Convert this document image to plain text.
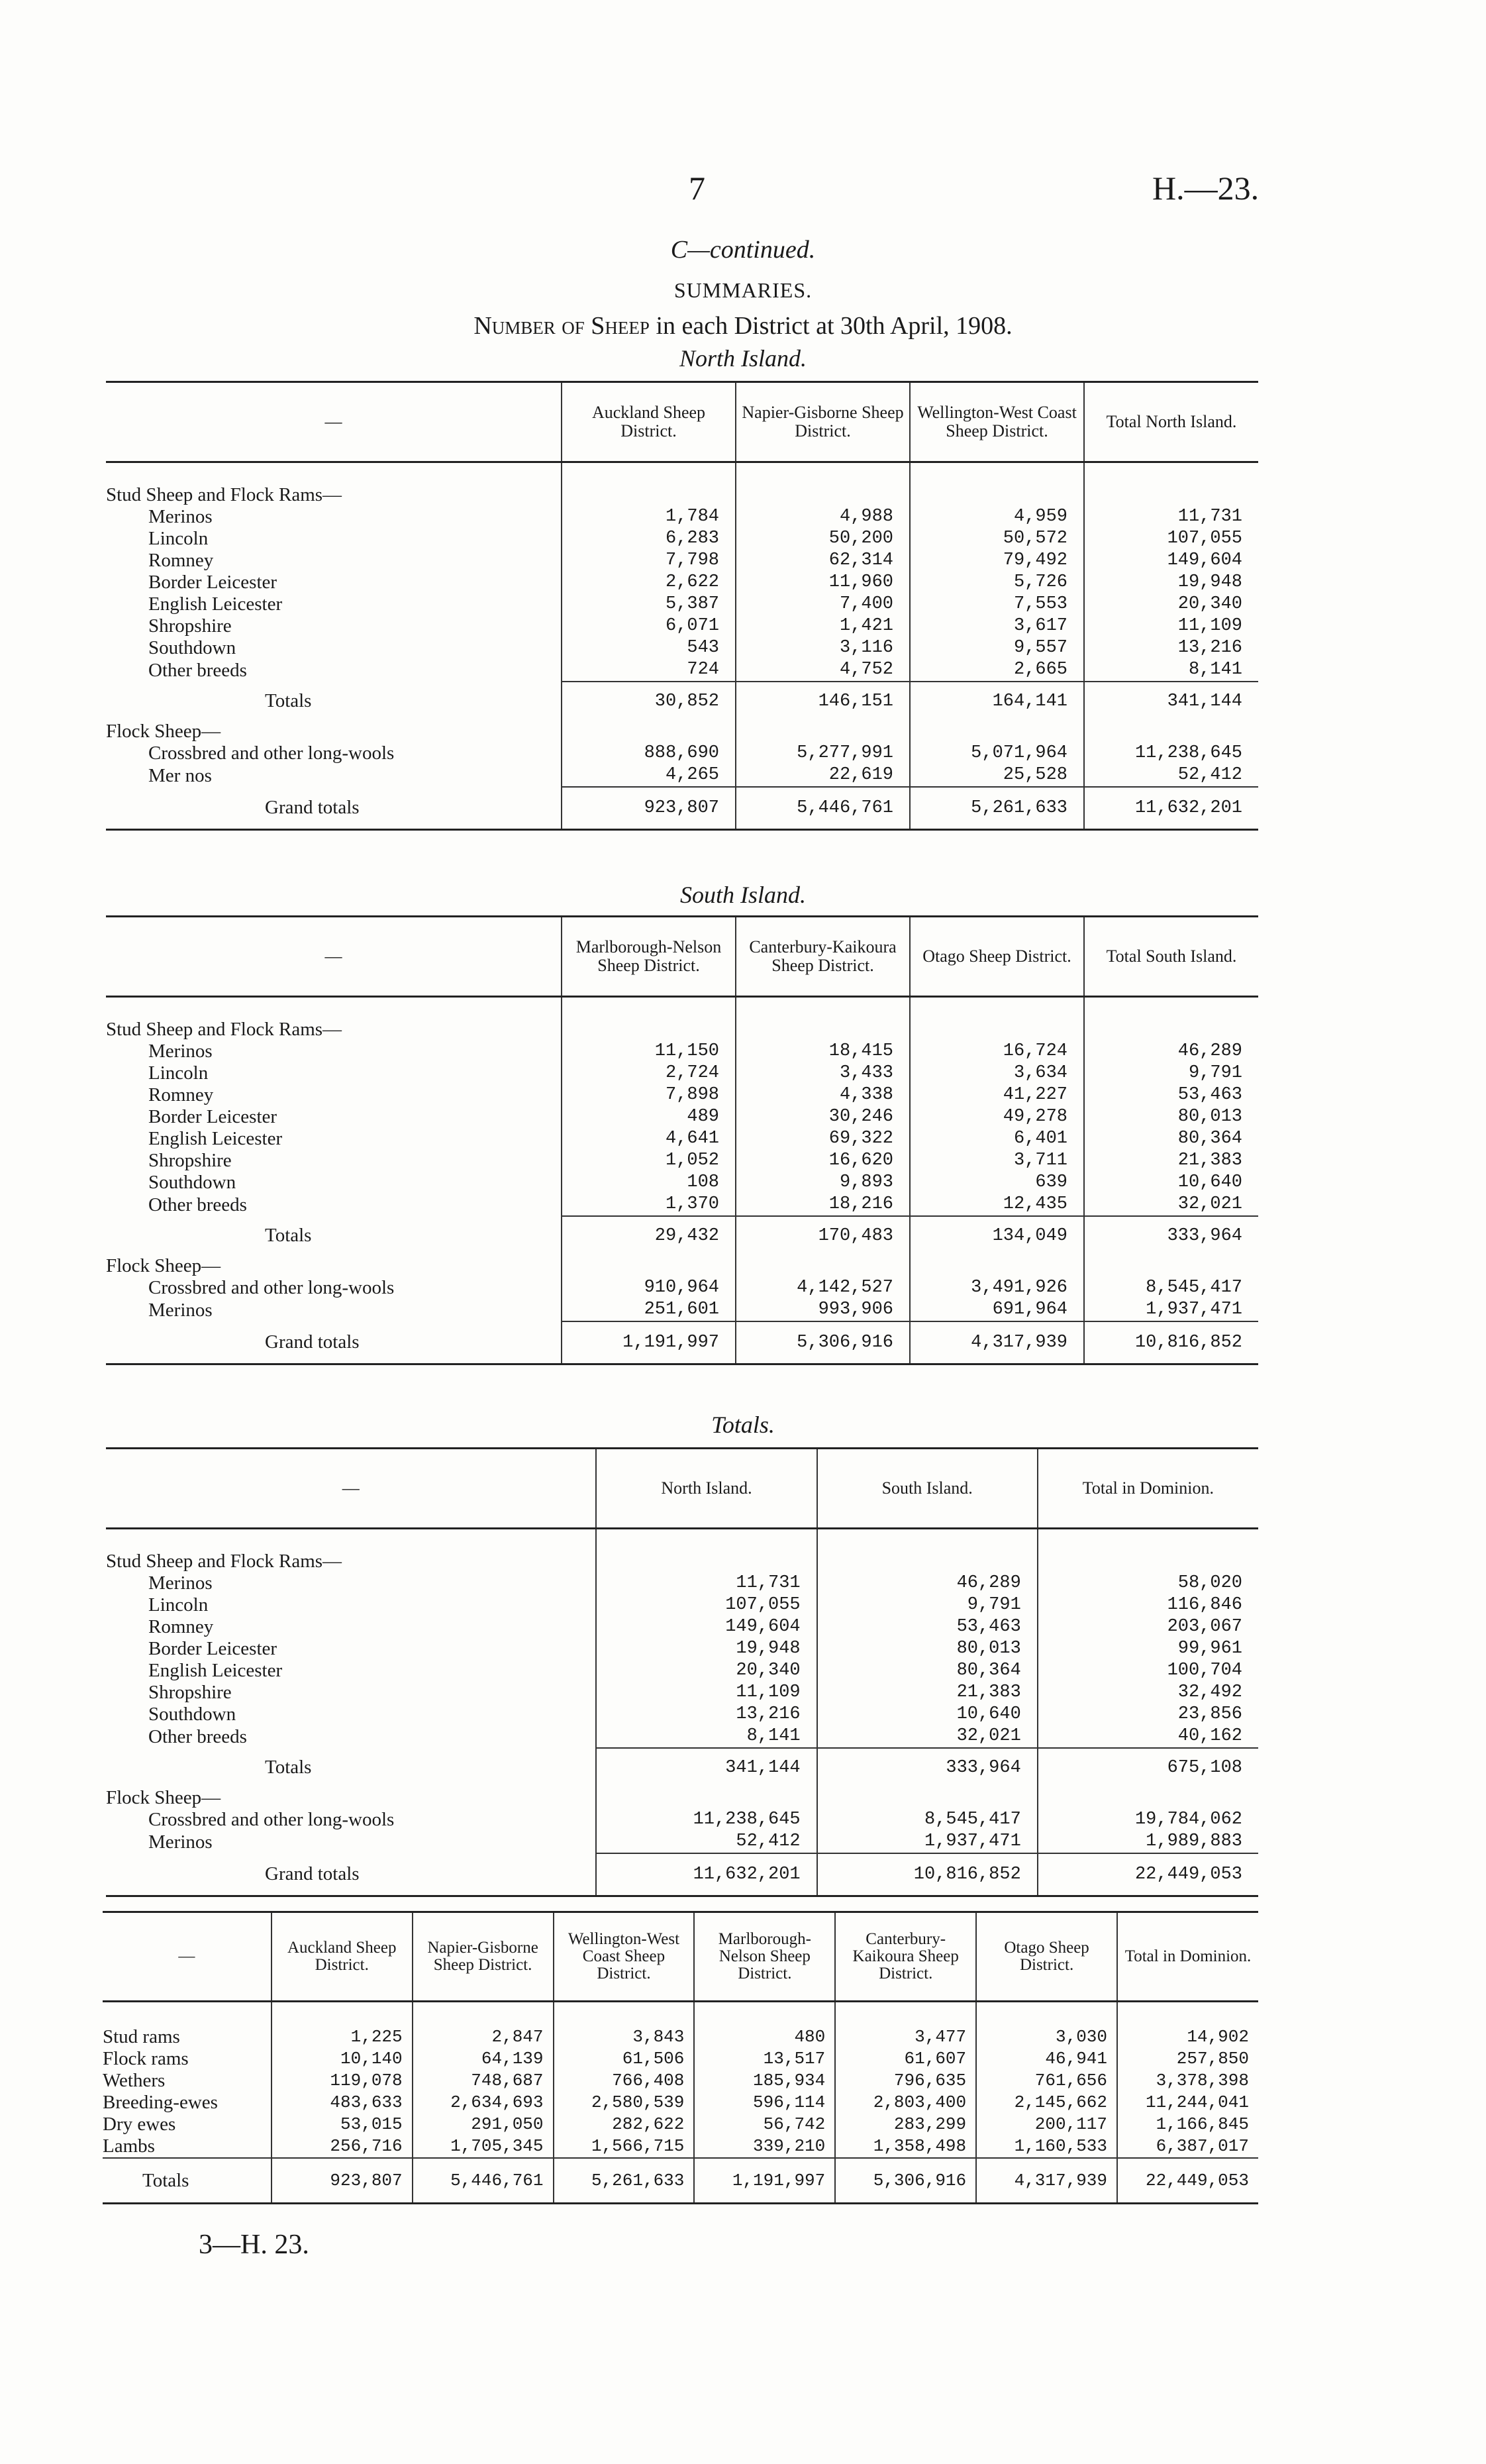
7	H.—23.
C—continued.
SUMMARIES.
Number of Sheep in each District at 30th April, 1908.
North Island.
—	Auckland Sheep District.	Napier-Gisborne Sheep District.	Wellington-West Coast Sheep District.	Total North Island.

Stud Sheep and Flock Rams—				
Merinos	1,784	4,988	4,959	11,731
Lincoln	6,283	50,200	50,572	107,055
Romney	7,798	62,314	79,492	149,604
Border Leicester	2,622	11,960	5,726	19,948
English Leicester	5,387	7,400	7,553	20,340
Shropshire	6,071	1,421	3,617	11,109
Southdown	543	3,116	9,557	13,216
Other breeds	724	4,752	2,665	8,141
Totals	30,852	146,151	164,141	341,144
Flock Sheep—				
Crossbred and other long-wools	888,690	5,277,991	5,071,964	11,238,645
Mer nos	4,265	22,619	25,528	52,412
Grand totals	923,807	5,446,761	5,261,633	11,632,201
South Island.
—	Marlborough-Nelson Sheep District.	Canterbury-Kaikoura Sheep District.	Otago Sheep District.	Total South Island.

Stud Sheep and Flock Rams—				
Merinos	11,150	18,415	16,724	46,289
Lincoln	2,724	3,433	3,634	9,791
Romney	7,898	4,338	41,227	53,463
Border Leicester	489	30,246	49,278	80,013
English Leicester	4,641	69,322	6,401	80,364
Shropshire	1,052	16,620	3,711	21,383
Southdown	108	9,893	639	10,640
Other breeds	1,370	18,216	12,435	32,021
Totals	29,432	170,483	134,049	333,964
Flock Sheep—				
Crossbred and other long-wools	910,964	4,142,527	3,491,926	8,545,417
Merinos	251,601	993,906	691,964	1,937,471
Grand totals	1,191,997	5,306,916	4,317,939	10,816,852
Totals.
—	North Island.	South Island.	Total in Dominion.

Stud Sheep and Flock Rams—			
Merinos	11,731	46,289	58,020
Lincoln	107,055	9,791	116,846
Romney	149,604	53,463	203,067
Border Leicester	19,948	80,013	99,961
English Leicester	20,340	80,364	100,704
Shropshire	11,109	21,383	32,492
Southdown	13,216	10,640	23,856
Other breeds	8,141	32,021	40,162
Totals	341,144	333,964	675,108
Flock Sheep—			
Crossbred and other long-wools	11,238,645	8,545,417	19,784,062
Merinos	52,412	1,937,471	1,989,883
Grand totals	11,632,201	10,816,852	22,449,053
—	Auckland Sheep District.	Napier-Gisborne Sheep District.	Wellington-West Coast Sheep District.	Marlborough-Nelson Sheep District.	Canterbury-Kaikoura Sheep District.	Otago Sheep District.	Total in Dominion.

Stud rams	1,225	2,847	3,843	480	3,477	3,030	14,902
Flock rams	10,140	64,139	61,506	13,517	61,607	46,941	257,850
Wethers	119,078	748,687	766,408	185,934	796,635	761,656	3,378,398
Breeding-ewes	483,633	2,634,693	2,580,539	596,114	2,803,400	2,145,662	11,244,041
Dry ewes	53,015	291,050	282,622	56,742	283,299	200,117	1,166,845
Lambs	256,716	1,705,345	1,566,715	339,210	1,358,498	1,160,533	6,387,017
Totals	923,807	5,446,761	5,261,633	1,191,997	5,306,916	4,317,939	22,449,053
3—H. 23.
